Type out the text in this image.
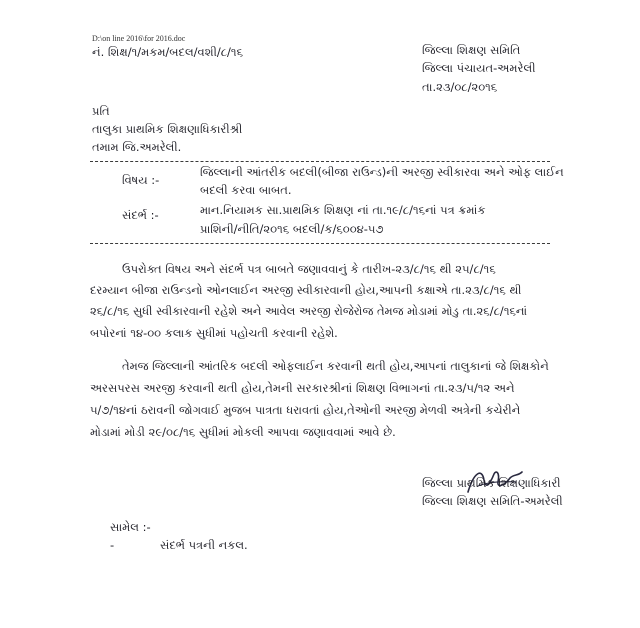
D:\on line 2016\for 2016.doc
નં. શિક્ષ/૧/મકમ/બદલ/વશી/૮/૧૬	જિલ્લા શિક્ષણ સમિતિ
જિલ્લા પંચાયત-અમરેલી
તા.૨૩/૦૮/૨૦૧૬
પ્રતિ
તાલુકા પ્રાથમિક શિક્ષણાધિકારીશ્રી
તમામ જિ.અમરેલી.
વિષય :-
જિલ્લાની આંતરીક બદલી(બીજા રાઉન્ડ)ની અરજી સ્વીકારવા અને ઓફ લાઈન
બદલી કરવા બાબત.
સંદર્ભ :-	માન.નિયામક સા.પ્રાથમિક શિક્ષણ નાં તા.૧૯/૮/૧૬નાં પત્ર ક્રમાંક
પ્રાશિની/નીતિ/૨૦૧૬ બદલી/ક/૬૦૦૪-૫૭
ઉપરોક્ત વિષય અને સંદર્ભ પત્ર બાબતે જણાવવાનું કે તારીખ-૨૩/૮/૧૬ થી ૨૫/૮/૧૬
દરમ્યાન બીજા રાઉન્ડનો ઓનલાઈન અરજી સ્વીકારવાની હોય,આપની કક્ષાએ તા.૨૩/૮/૧૬ થી
૨૬/૮/૧૬ સુધી સ્વીકારવાની રહેશે અને આવેલ અરજી રોજેરોજ તેમજ મોડામાં મોડુ તા.૨૬/૮/૧૬નાં
બપોરનાં ૧૪-૦૦ કલાક સુધીમાં પહોચતી કરવાની રહેશે.
તેમજ જિલ્લાની આંતરિક બદલી ઓફલાઈન કરવાની થતી હોય,આપનાં તાલુકાનાં જે શિક્ષકોને
અરસપરસ અરજી કરવાની થતી હોય,તેમની સરકારશ્રીનાં શિક્ષણ વિભાગનાં તા.૨૩/૫/૧૨ અને
૫/૭/૧૪નાં ઠરાવની જોગવાઈ મુજબ પાત્રતા ધરાવતાં હોય,તેઓની અરજી મેળવી અત્રેની કચેરીને
મોડામાં મોડી ૨૯/૦૮/૧૬ સુધીમાં મોકલી આપવા જણાવવામાં આવે છે.
જિલ્લા પ્રાથમિક શિક્ષણાધિકારી
જિલ્લા શિક્ષણ સમિતિ-અમરેલી
સામેલ :-
-	સંદર્ભ પત્રની નકલ.
